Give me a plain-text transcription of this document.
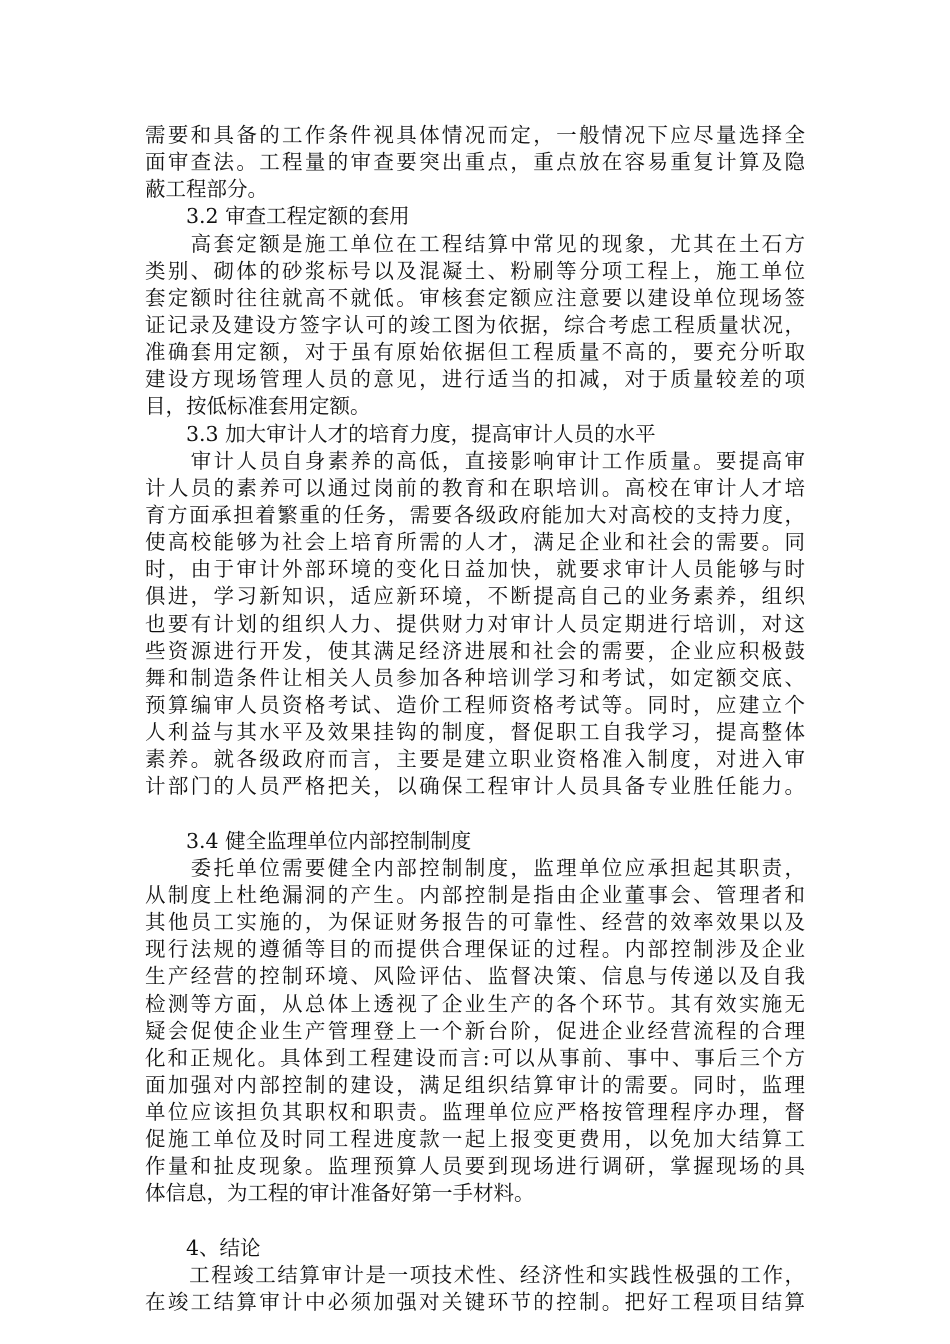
需要和具备的工作条件视具体情况而定，一般情况下应尽量选择全
面审查法。工程量的审查要突出重点，重点放在容易重复计算及隐
蔽工程部分。
　　3.2 审查工程定额的套用
　　高套定额是施工单位在工程结算中常见的现象，尤其在土石方
类别、砌体的砂浆标号以及混凝土、粉刷等分项工程上，施工单位
套定额时往往就高不就低。审核套定额应注意要以建设单位现场签
证记录及建设方签字认可的竣工图为依据，综合考虑工程质量状况，
准确套用定额，对于虽有原始依据但工程质量不高的，要充分听取
建设方现场管理人员的意见，进行适当的扣减，对于质量较差的项
目，按低标准套用定额。
　　3.3 加大审计人才的培育力度，提高审计人员的水平
　　审计人员自身素养的高低，直接影响审计工作质量。要提高审
计人员的素养可以通过岗前的教育和在职培训。高校在审计人才培
育方面承担着繁重的任务，需要各级政府能加大对高校的支持力度，
使高校能够为社会上培育所需的人才，满足企业和社会的需要。同
时，由于审计外部环境的变化日益加快，就要求审计人员能够与时
俱进，学习新知识，适应新环境，不断提高自己的业务素养，组织
也要有计划的组织人力、提供财力对审计人员定期进行培训，对这
些资源进行开发，使其满足经济进展和社会的需要，企业应积极鼓
舞和制造条件让相关人员参加各种培训学习和考试，如定额交底、
预算编审人员资格考试、造价工程师资格考试等。同时，应建立个
人利益与其水平及效果挂钩的制度，督促职工自我学习，提高整体
素养。就各级政府而言，主要是建立职业资格准入制度，对进入审
计部门的人员严格把关，以确保工程审计人员具备专业胜任能力。
　　3.4 健全监理单位内部控制制度
　　委托单位需要健全内部控制制度，监理单位应承担起其职责，
从制度上杜绝漏洞的产生。内部控制是指由企业董事会、管理者和
其他员工实施的，为保证财务报告的可靠性、经营的效率效果以及
现行法规的遵循等目的而提供合理保证的过程。内部控制涉及企业
生产经营的控制环境、风险评估、监督决策、信息与传递以及自我
检测等方面，从总体上透视了企业生产的各个环节。其有效实施无
疑会促使企业生产管理登上一个新台阶，促进企业经营流程的合理
化和正规化。具体到工程建设而言:可以从事前、事中、事后三个方
面加强对内部控制的建设，满足组织结算审计的需要。同时，监理
单位应该担负其职权和职责。监理单位应严格按管理程序办理，督
促施工单位及时同工程进度款一起上报变更费用，以免加大结算工
作量和扯皮现象。监理预算人员要到现场进行调研，掌握现场的具
体信息，为工程的审计准备好第一手材料。
　　4、结论
　　工程竣工结算审计是一项技术性、经济性和实践性极强的工作，
在竣工结算审计中必须加强对关键环节的控制。把好工程项目结算
